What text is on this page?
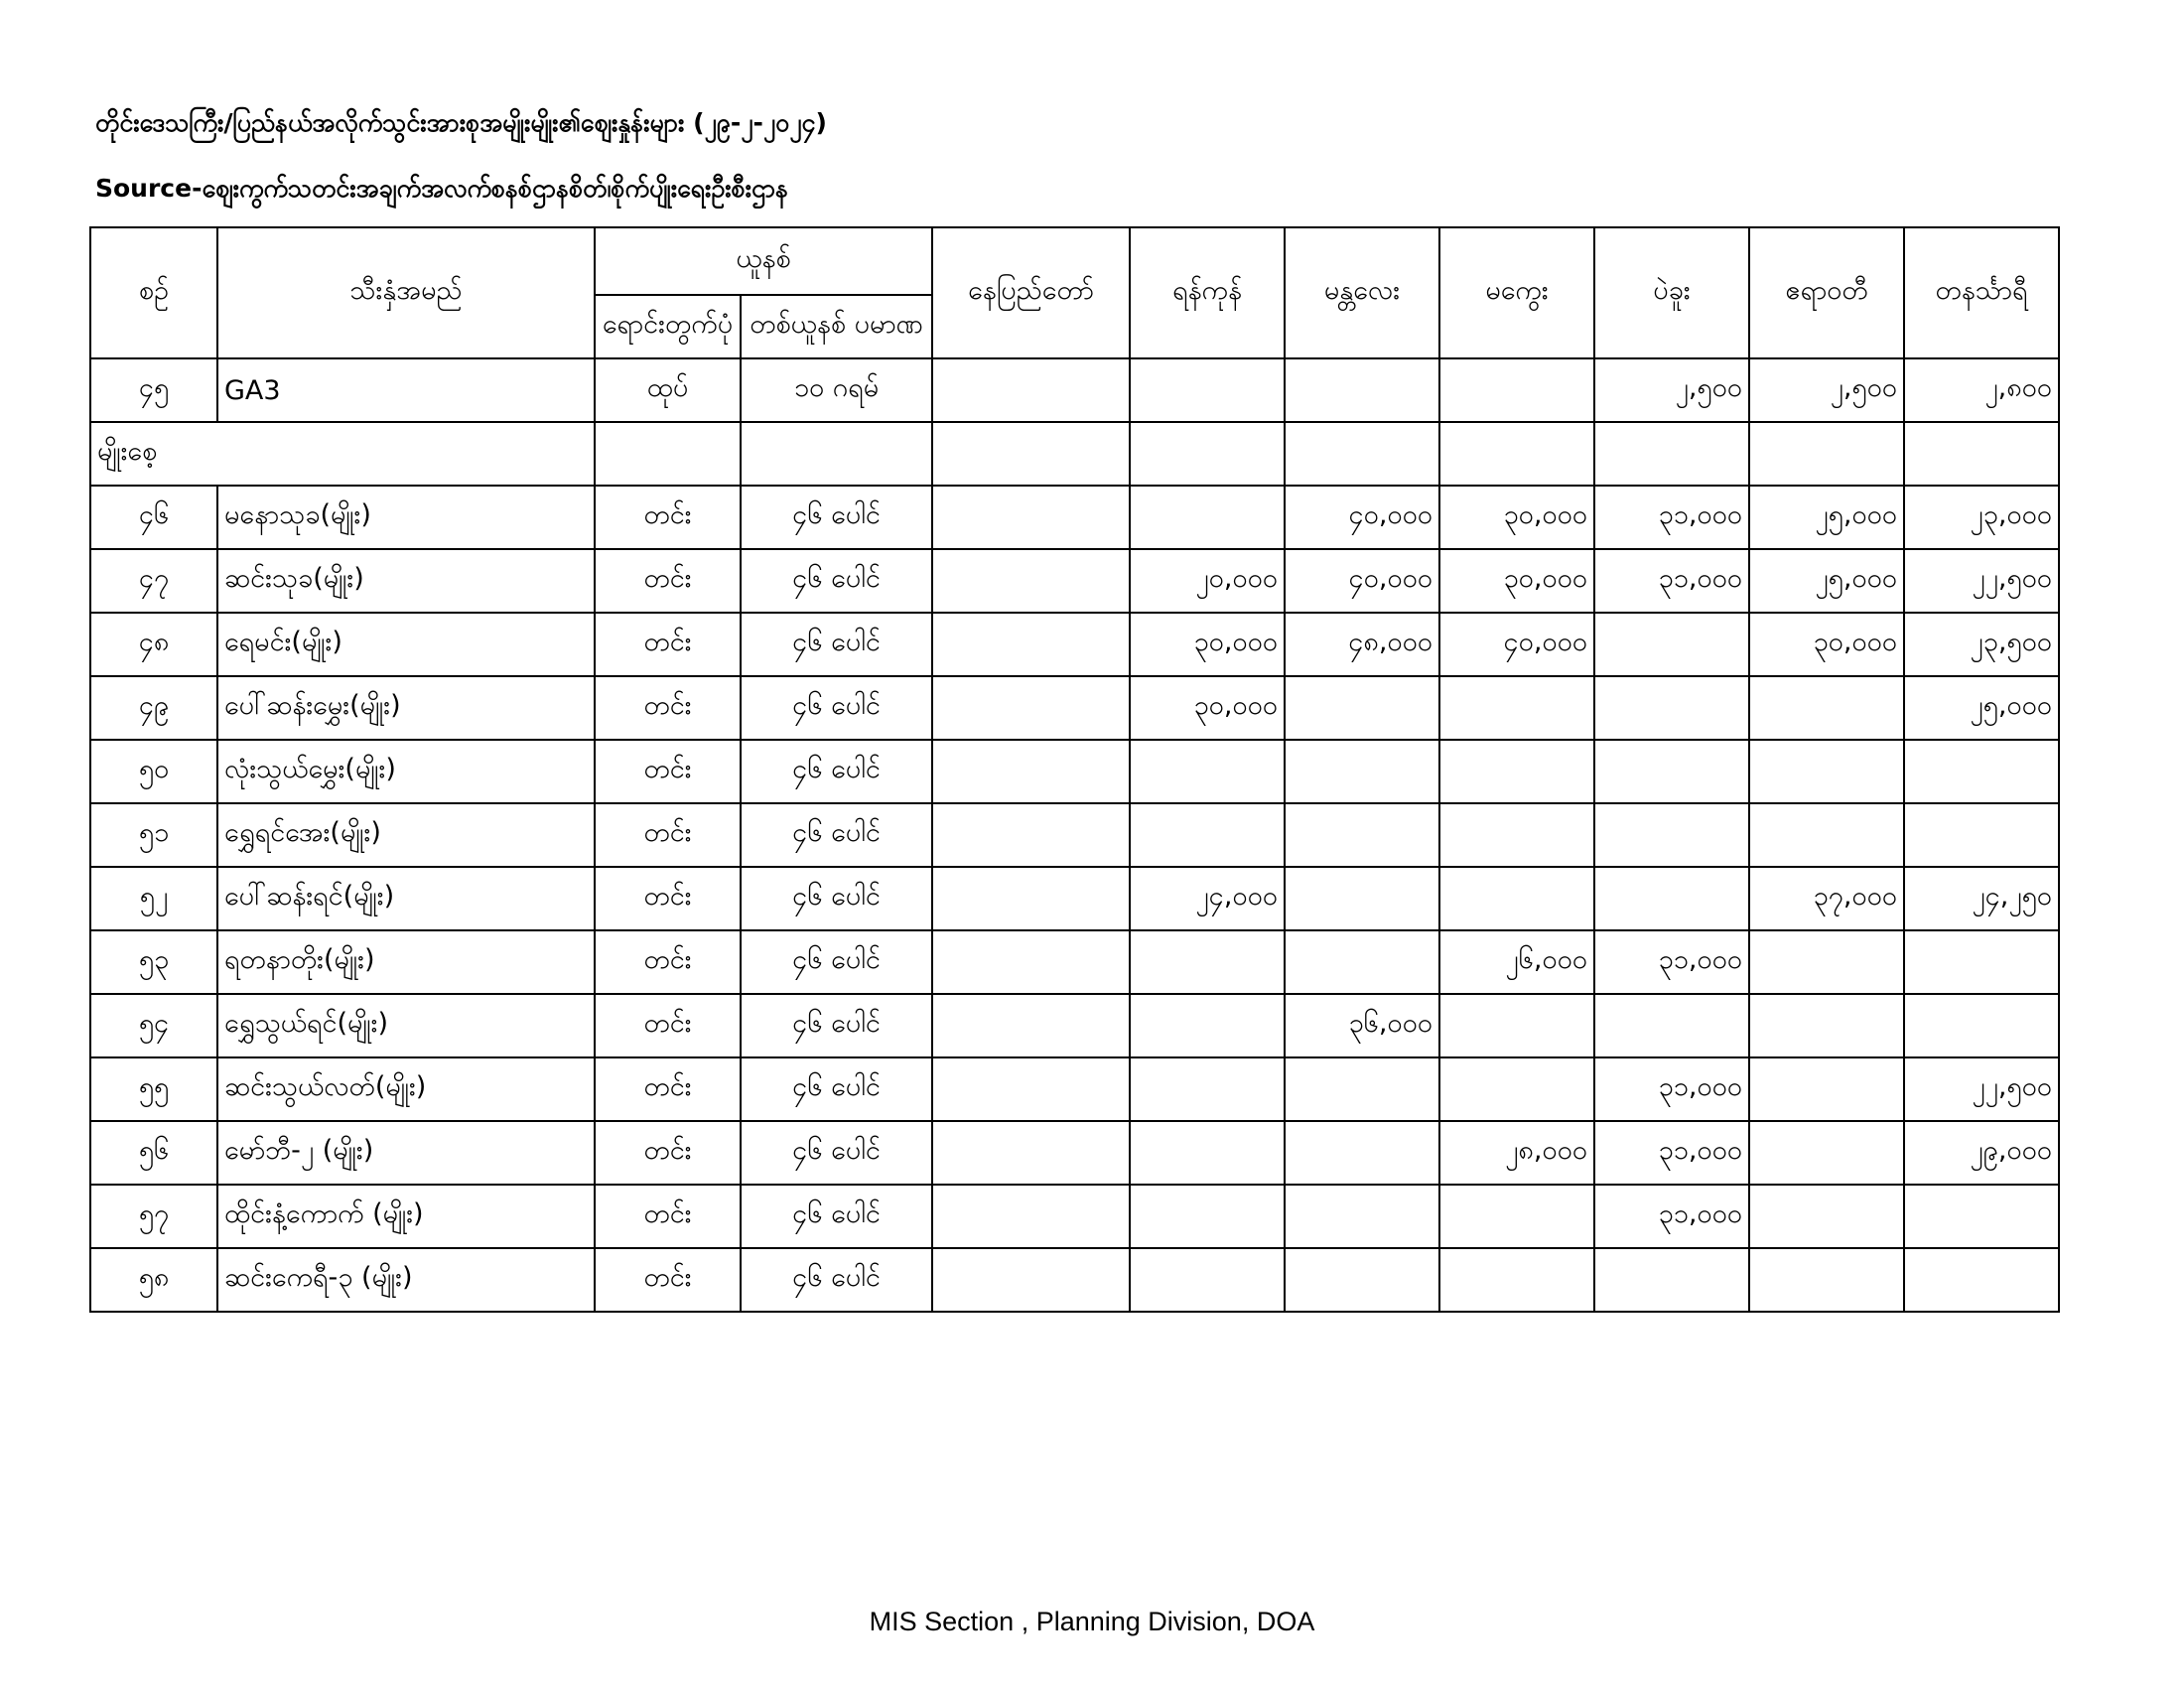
တိုင်းဒေသကြီး/ပြည်နယ်အလိုက်သွင်းအားစုအမျိုးမျိုး၏ဈေးနှုန်းများ (၂၉-၂-၂၀၂၄)
Source-ဈေးကွက်သတင်းအချက်အလက်စနစ်ဌာနစိတ်၊စိုက်ပျိုးရေးဦးစီးဌာန
စဉ်	သီးနှံအမည်	ယူနစ်		နေပြည်တော်	ရန်ကုန်	မန္တလေး	မကွေး	ပဲခူး	ဧရာဝတီ	တနင်္သာရီ
		ရောင်းတွက်ပုံ	တစ်ယူနစ် ပမာဏ							
၄၅	GA3	ထုပ်	၁၀ ဂရမ်					၂,၅၀၀	၂,၅၀၀	၂,၈၀၀
မျိုးစေ့										
၄၆	မနောသုခ(မျိုး)	တင်း	၄၆ ပေါင်			၄၀,၀၀၀	၃၀,၀၀၀	၃၁,၀၀၀	၂၅,၀၀၀	၂၃,၀၀၀
၄၇	ဆင်းသုခ(မျိုး)	တင်း	၄၆ ပေါင်		၂၀,၀၀၀	၄၀,၀၀၀	၃၀,၀၀၀	၃၁,၀၀၀	၂၅,၀၀၀	၂၂,၅၀၀
၄၈	ရေမင်း(မျိုး)	တင်း	၄၆ ပေါင်		၃၀,၀၀၀	၄၈,၀၀၀	၄၀,၀၀၀		၃၀,၀၀၀	၂၃,၅၀၀
၄၉	ပေါ်ဆန်းမွှေး(မျိုး)	တင်း	၄၆ ပေါင်		၃၀,၀၀၀					၂၅,၀၀၀
၅၀	လုံးသွယ်မွှေး(မျိုး)	တင်း	၄၆ ပေါင်							
၅၁	ရွှေရင်အေး(မျိုး)	တင်း	၄၆ ပေါင်							
၅၂	ပေါ်ဆန်းရင်(မျိုး)	တင်း	၄၆ ပေါင်		၂၄,၀၀၀				၃၇,၀၀၀	၂၄,၂၅၀
၅၃	ရတနာတိုး(မျိုး)	တင်း	၄၆ ပေါင်				၂၆,၀၀၀	၃၁,၀၀၀		
၅၄	ရွှေသွယ်ရင်(မျိုး)	တင်း	၄၆ ပေါင်			၃၆,၀၀၀				
၅၅	ဆင်းသွယ်လတ်(မျိုး)	တင်း	၄၆ ပေါင်					၃၁,၀၀၀		၂၂,၅၀၀
၅၆	မော်ဘီ-၂ (မျိုး)	တင်း	၄၆ ပေါင်				၂၈,၀၀၀	၃၁,၀၀၀		၂၉,၀၀၀
၅၇	ထိုင်းနံ့ကောက် (မျိုး)	တင်း	၄၆ ပေါင်					၃၁,၀၀၀		
၅၈	ဆင်းကေရီ-၃ (မျိုး)	တင်း	၄၆ ပေါင်							
MIS Section , Planning Division, DOA
